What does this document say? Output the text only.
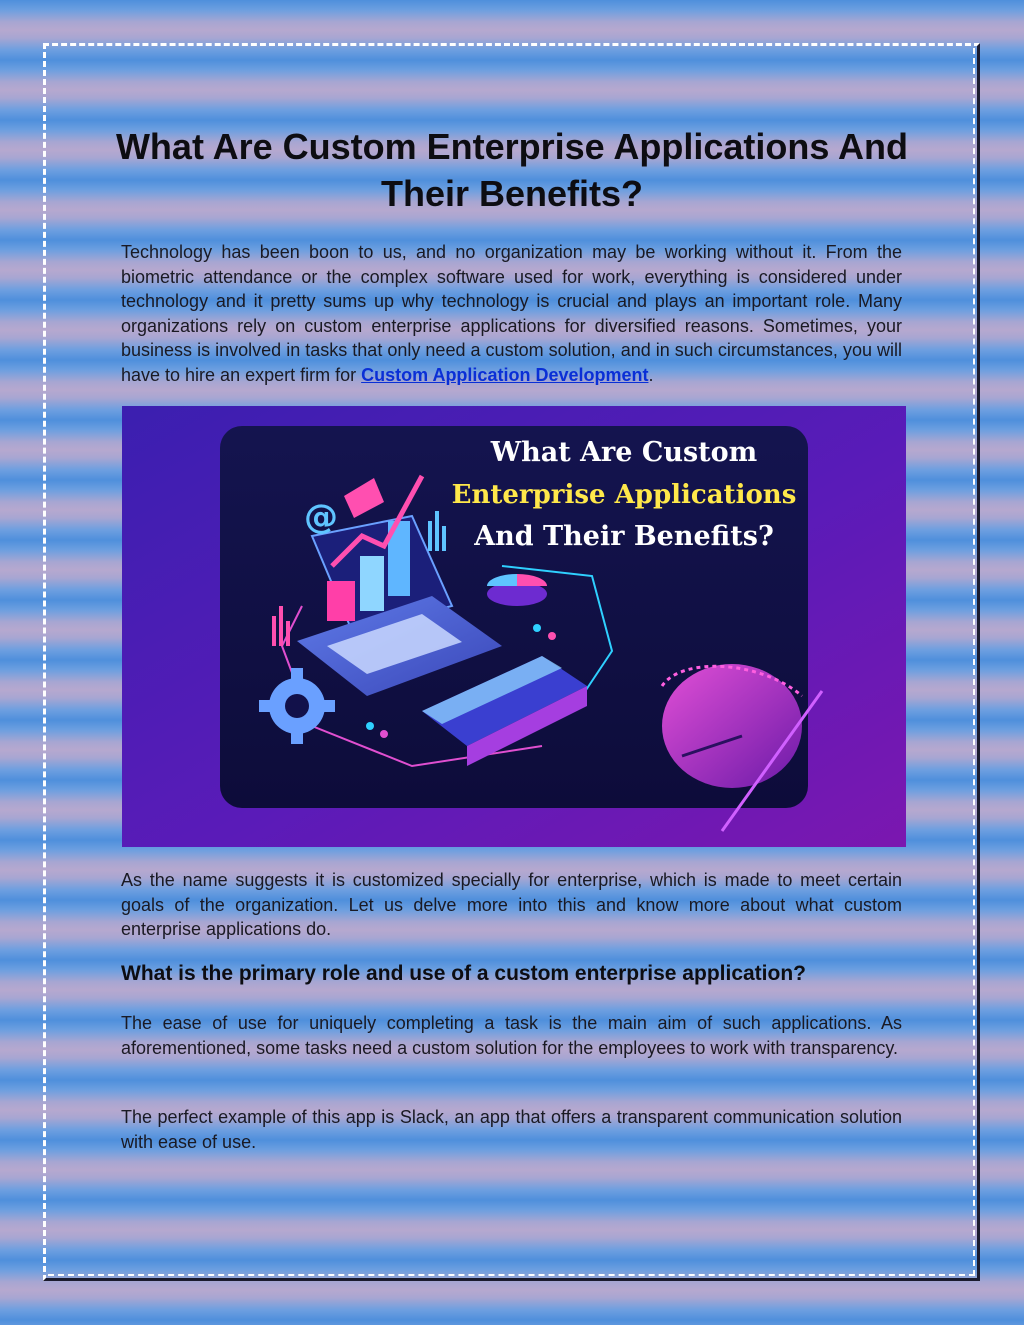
What Are Custom Enterprise Applications And Their Benefits?

Technology has been boon to us, and no organization may be working without it. From the biometric attendance or the complex software used for work, everything is considered under technology and it pretty sums up why technology is crucial and plays an important role. Many organizations rely on custom enterprise applications for diversified reasons. Sometimes, your business is involved in tasks that only need a custom solution, and in such circumstances, you will have to hire an expert firm for Custom Application Development.

@

What Are Custom

Enterprise Applications

And Their Benefits?

As the name suggests it is customized specially for enterprise, which is made to meet certain goals of the organization. Let us delve more into this and know more about what custom enterprise applications do.

What is the primary role and use of a custom enterprise application?

The ease of use for uniquely completing a task is the main aim of such applications. As aforementioned, some tasks need a custom solution for the employees to work with transparency.

The perfect example of this app is Slack, an app that offers a transparent communication solution with ease of use.
